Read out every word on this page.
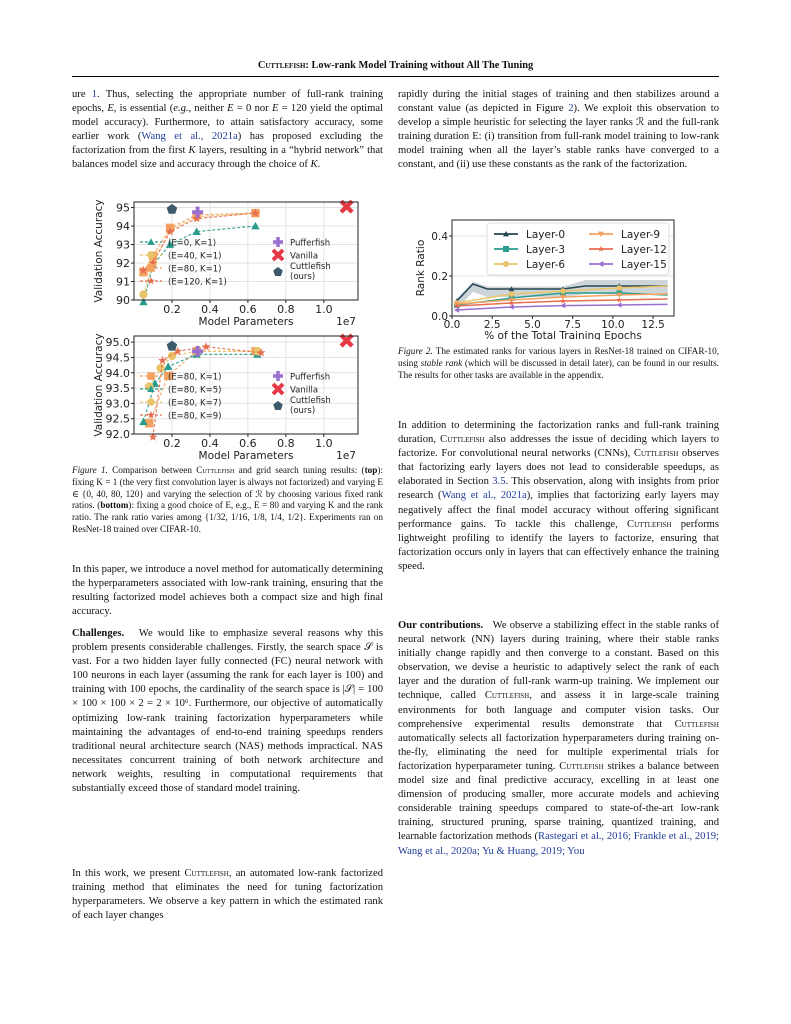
Cuttlefish: Low-rank Model Training without All The Tuning

ure 1. Thus, selecting the appropriate number of full-rank training epochs, E, is essential (e.g., neither E = 0 nor E = 120 yield the optimal model accuracy). Furthermore, to attain satisfactory accuracy, some earlier work (Wang et al., 2021a) has proposed excluding the factorization from the first K layers, resulting in a “hybrid network” that balances model size and accuracy through the choice of K.

0.2 0.4 0.6 0.8 1.0
90
91
92
93
94
95
Model Parameters	1e7
Validation Accuracy	(E=0, K=1)
(E=40, K=1)
(E=80, K=1)
(E=120, K=1)
Pufferfish
Vanilla
Cuttlefish
(ours)
0.2 0.4 0.6 0.8 1.0
92.0
92.5
93.0
93.5
94.0
94.5
95.0
Model Parameters	1e7
Validation Accuracy	(E=80, K=1)
(E=80, K=5)
(E=80, K=7)
(E=80, K=9)
Pufferfish
Vanilla
Cuttlefish
(ours)

Figure 1. Comparison between Cuttlefish and grid search tuning results: (top): fixing K = 1 (the very first convolution layer is always not factorized) and varying E ∈ {0, 40, 80, 120} and varying the selection of ℛ by choosing various fixed rank ratios. (bottom): fixing a good choice of E, e.g., E = 80 and varying K and the rank ratio. The rank ratio varies among {1/32, 1/16, 1/8, 1/4, 1/2}. Experiments ran on ResNet-18 trained over CIFAR-10.

In this paper, we introduce a novel method for automatically determining the hyperparameters associated with low-rank training, ensuring that the resulting factorized model achieves both a compact size and high final accuracy.

Challenges. We would like to emphasize several reasons why this problem presents considerable challenges. Firstly, the search space 𝒮 is vast. For a two hidden layer fully connected (FC) neural network with 100 neurons in each layer (assuming the rank for each layer is 100) and training with 100 epochs, the cardinality of the search space is |𝒮| = 100 × 100 × 100 × 2 = 2 × 10⁶. Furthermore, our objective of automatically optimizing low-rank training factorization hyperparameters while maintaining the advantages of end-to-end training speedups renders traditional neural architecture search (NAS) methods impractical. NAS necessitates concurrent training of both network architecture and network weights, resulting in computational requirements that substantially exceed those of standard model training.

In this work, we present Cuttlefish, an automated low-rank factorized training method that eliminates the need for tuning factorization hyperparameters. We observe a key pattern in which the estimated rank of each layer changes

rapidly during the initial stages of training and then stabilizes around a constant value (as depicted in Figure 2). We exploit this observation to develop a simple heuristic for selecting the layer ranks ℛ and the full-rank training duration E: (i) transition from full-rank model training to low-rank model training when all the layer’s stable ranks have converged to a constant, and (ii) use these constants as the rank of the factorization.

0.0 2.5 5.0 7.5 10.0 12.5
0.0
0.2
0.4
% of the Total Training Epochs
Rank Ratio
Layer-0
Layer-3
Layer-6
Layer-9
Layer-12
Layer-15

Figure 2. The estimated ranks for various layers in ResNet-18 trained on CIFAR-10, using stable rank (which will be discussed in detail later), can be found in our results. The results for other tasks are available in the appendix.

In addition to determining the factorization ranks and full-rank training duration, Cuttlefish also addresses the issue of deciding which layers to factorize. For convolutional neural networks (CNNs), Cuttlefish observes that factorizing early layers does not lead to considerable speedups, as elaborated in Section 3.5. This observation, along with insights from prior research (Wang et al., 2021a), implies that factorizing early layers may negatively affect the final model accuracy without offering significant performance gains. To tackle this challenge, Cuttlefish performs lightweight profiling to identify the layers to factorize, ensuring that factorization occurs only in layers that can effectively enhance the training speed.

Our contributions. We observe a stabilizing effect in the stable ranks of neural network (NN) layers during training, where their stable ranks initially change rapidly and then converge to a constant. Based on this observation, we devise a heuristic to adaptively select the rank of each layer and the duration of full-rank warm-up training. We implement our technique, called Cuttlefish, and assess it in large-scale training environments for both language and computer vision tasks. Our comprehensive experimental results demonstrate that Cuttlefish automatically selects all factorization hyperparameters during training on-the-fly, eliminating the need for multiple experimental trials for factorization hyperparameter tuning. Cuttlefish strikes a balance between model size and final predictive accuracy, excelling in at least one dimension of producing smaller, more accurate models and achieving considerable training speedups compared to state-of-the-art low-rank training, structured pruning, sparse training, quantized training, and learnable factorization methods (Rastegari et al., 2016; Frankle et al., 2019; Wang et al., 2020a; Yu & Huang, 2019; You
